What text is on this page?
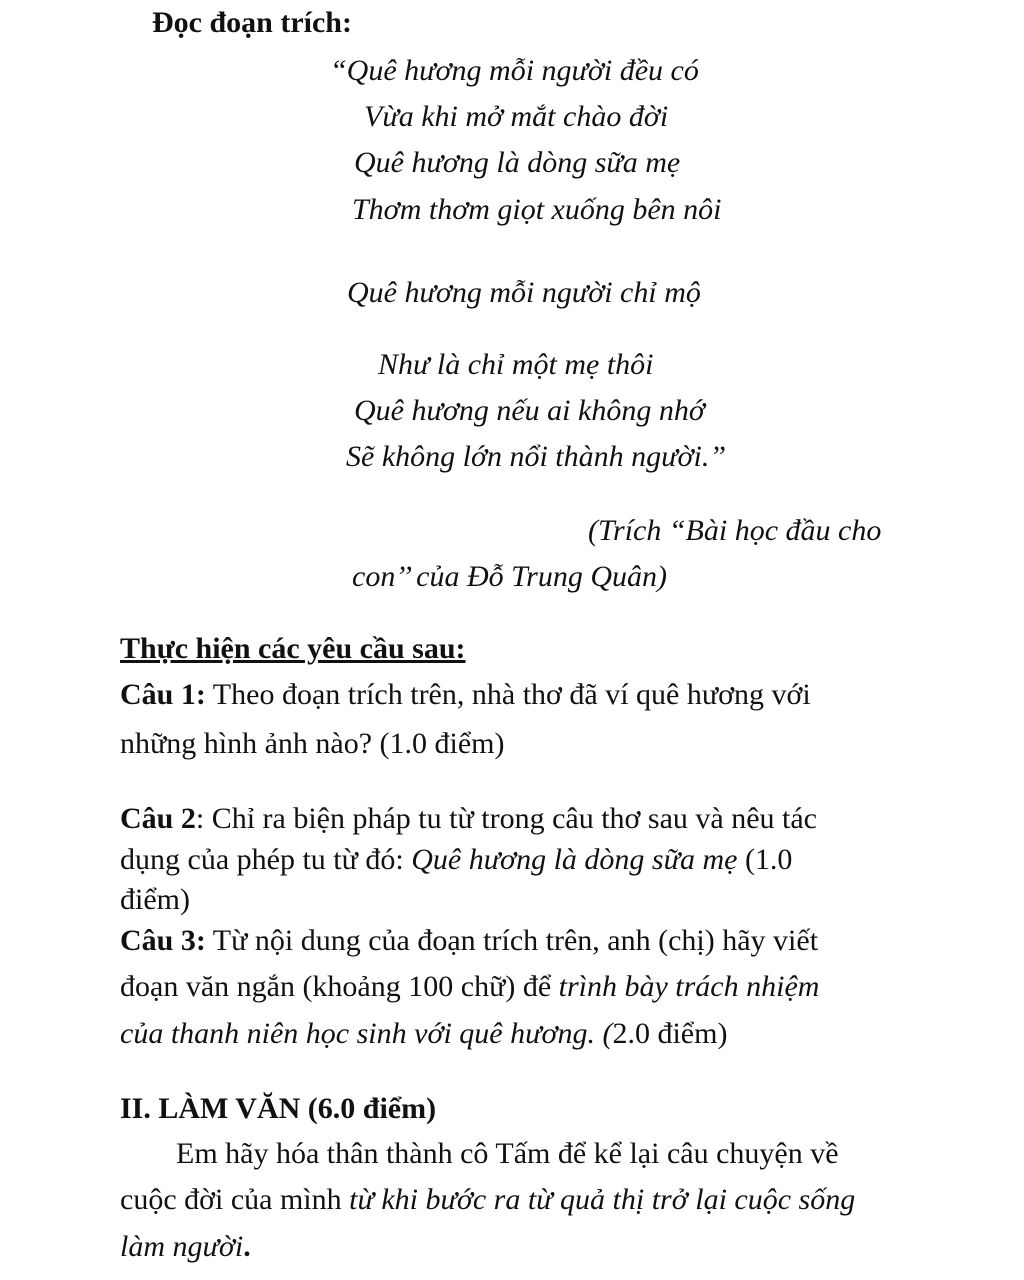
Đọc đoạn trích:
“Quê hương mỗi người đều có
Vừa khi mở mắt chào đời
Quê hương là dòng sữa mẹ
Thơm thơm giọt xuống bên nôi
Quê hương mỗi người chỉ mộ
Như là chỉ một mẹ thôi
Quê hương nếu ai không nhớ
Sẽ không lớn nổi thành người.”
(Trích “Bài học đầu cho
con’’ của Đỗ Trung Quân)
Thực hiện các yêu cầu sau:
Câu 1: Theo đoạn trích trên, nhà thơ đã ví quê hương với
những hình ảnh nào? (1.0 điểm)
Câu 2: Chỉ ra biện pháp tu từ trong câu thơ sau và nêu tác
dụng của phép tu từ đó: Quê hương là dòng sữa mẹ (1.0
điểm)
Câu 3: Từ nội dung của đoạn trích trên, anh (chị) hãy viết
đoạn văn ngắn (khoảng 100 chữ) để trình bày trách nhiệm
của thanh niên học sinh với quê hương. (2.0 điểm)
II. LÀM VĂN (6.0 điểm)
Em hãy hóa thân thành cô Tấm để kể lại câu chuyện về
cuộc đời của mình từ khi bước ra từ quả thị trở lại cuộc sống
làm người.
